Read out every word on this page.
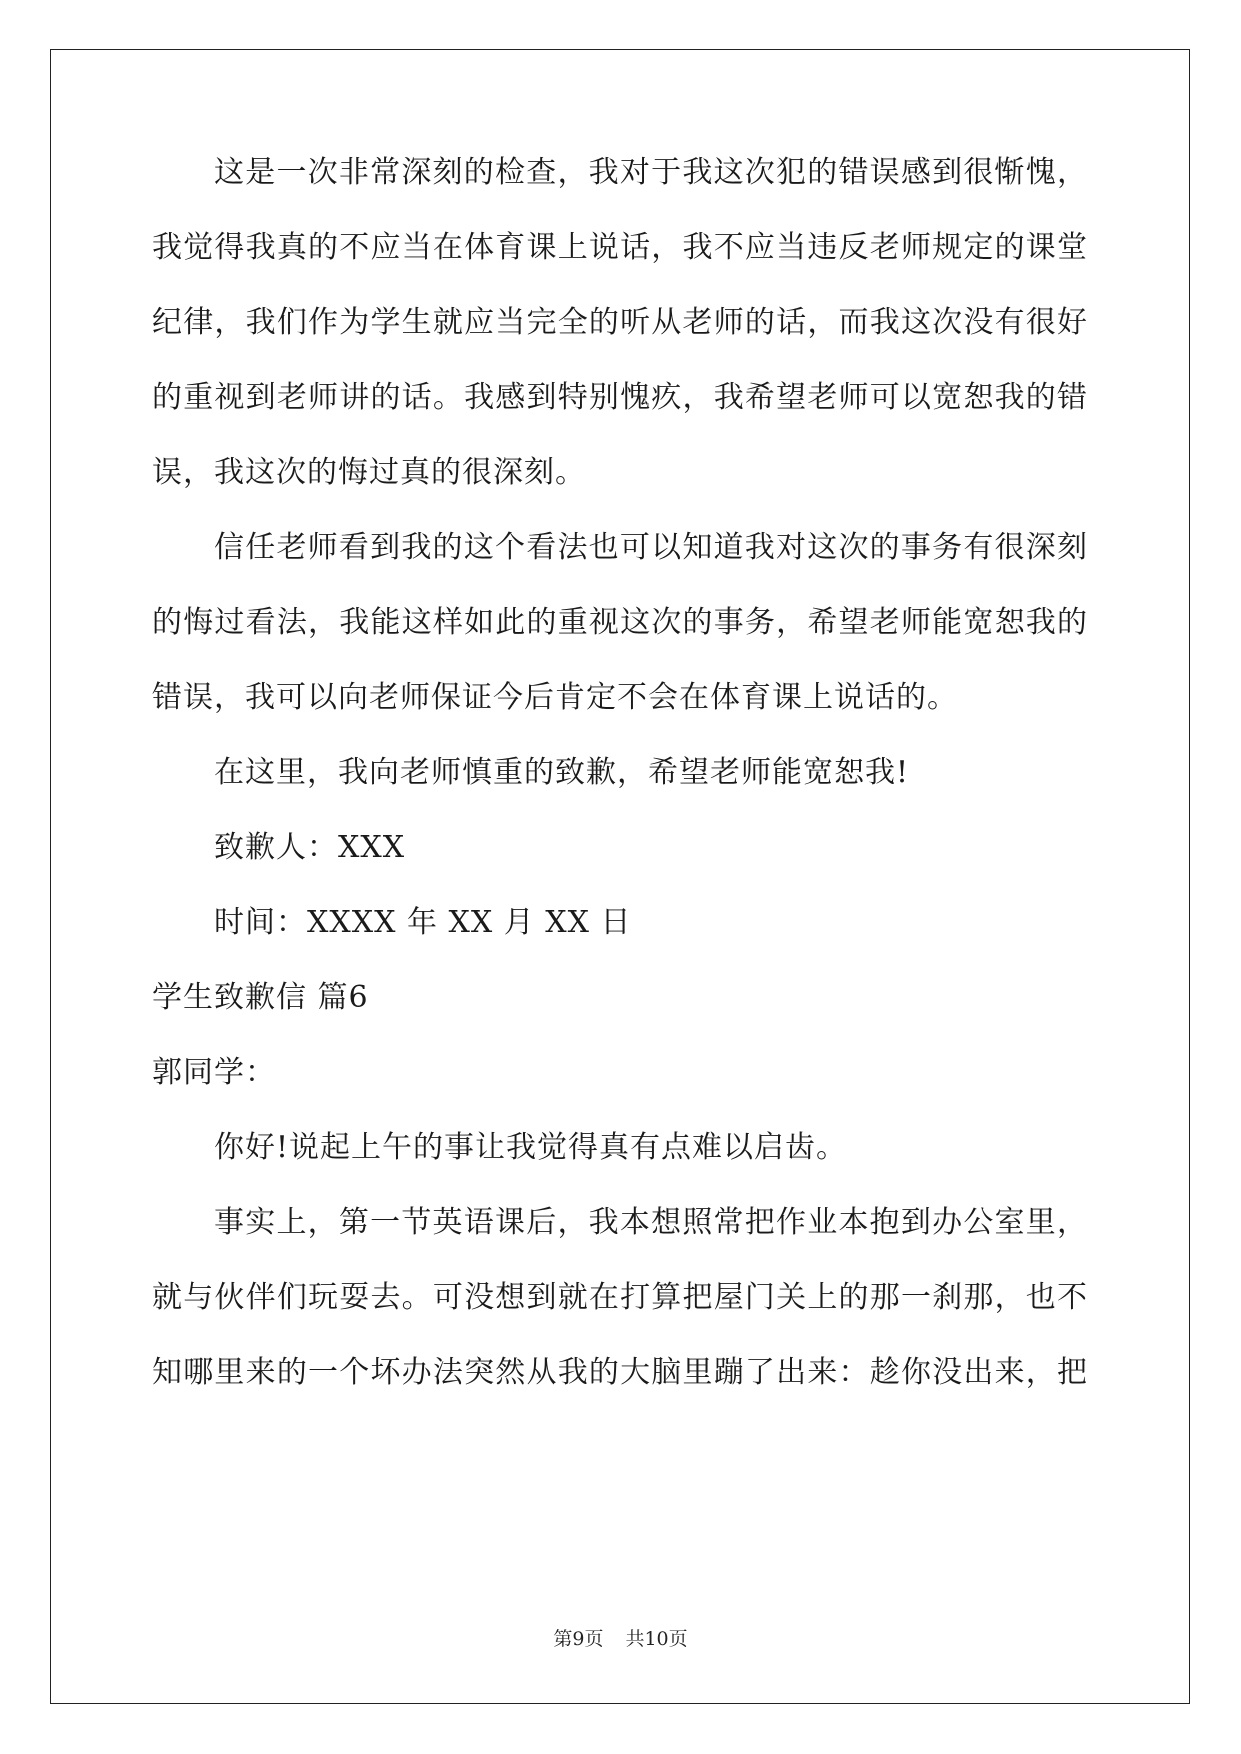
这是一次非常深刻的检查，我对于我这次犯的错误感到很惭愧，
我觉得我真的不应当在体育课上说话，我不应当违反老师规定的课堂
纪律，我们作为学生就应当完全的听从老师的话，而我这次没有很好
的重视到老师讲的话。我感到特别愧疚，我希望老师可以宽恕我的错
误，我这次的悔过真的很深刻。
信任老师看到我的这个看法也可以知道我对这次的事务有很深刻
的悔过看法，我能这样如此的重视这次的事务，希望老师能宽恕我的
错误，我可以向老师保证今后肯定不会在体育课上说话的。
在这里，我向老师慎重的致歉，希望老师能宽恕我!
致歉人：XXX
时间：XXXX 年 XX 月 XX 日
学生致歉信 篇6
郭同学：
你好!说起上午的事让我觉得真有点难以启齿。
事实上，第一节英语课后，我本想照常把作业本抱到办公室里，
就与伙伴们玩耍去。可没想到就在打算把屋门关上的那一刹那，也不
知哪里来的一个坏办法突然从我的大脑里蹦了出来：趁你没出来，把
第9页 共10页
